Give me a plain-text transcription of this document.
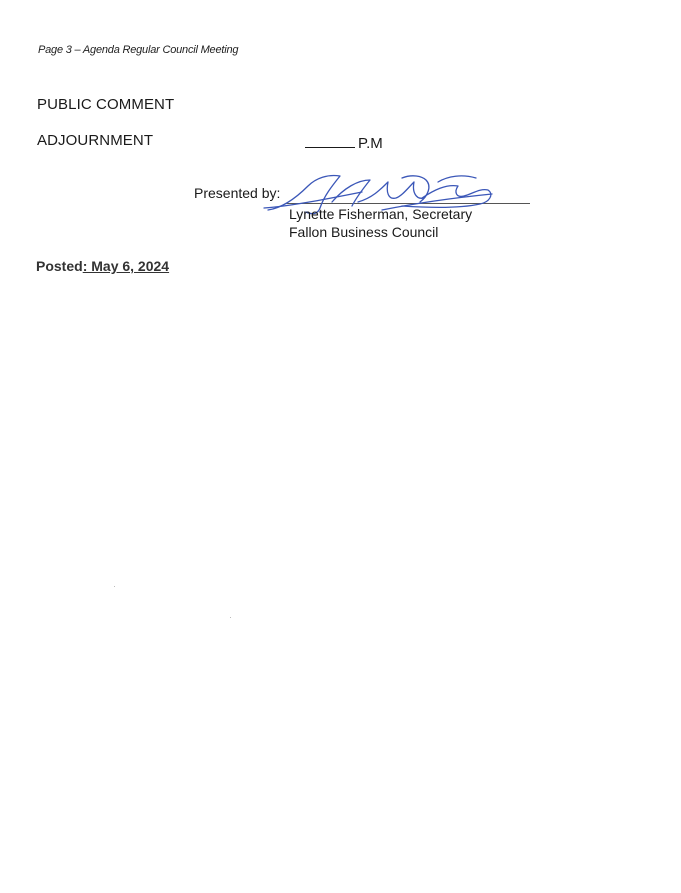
Page 3 – Agenda Regular Council Meeting
PUBLIC COMMENT
ADJOURNMENT	P.M
Presented by:
Lynette Fisherman, Secretary
Fallon Business Council
Posted: May 6, 2024
